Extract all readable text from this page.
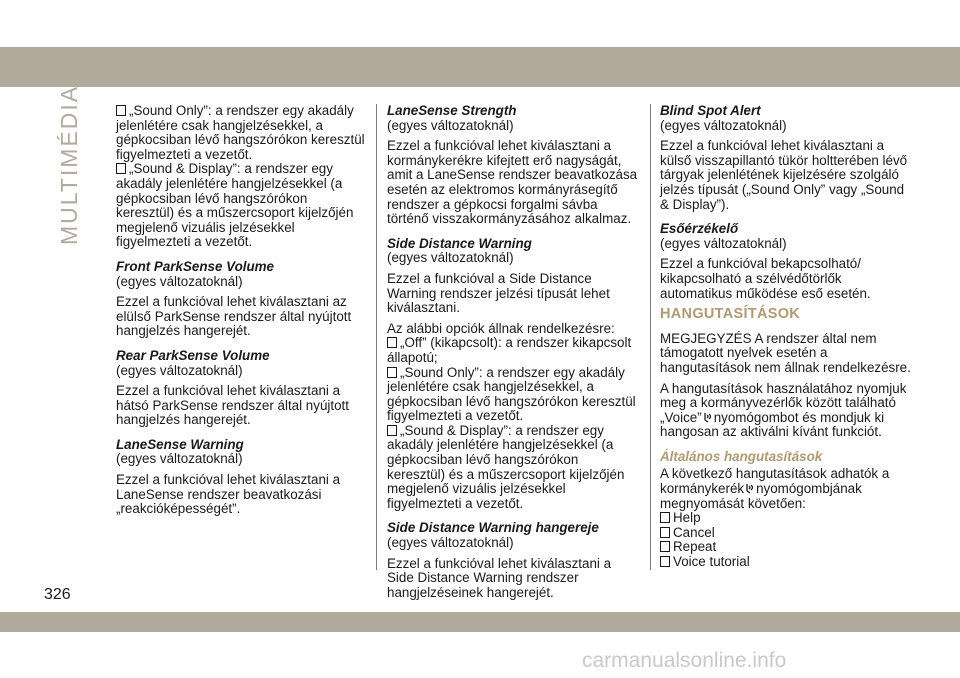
MULTIMÉDIA
326

„Sound Only”: a rendszer egy akadály jelenlétére csak hangjelzésekkel, a gépkocsiban lévő hangszórókon keresztül figyelmezteti a vezetőt.

„Sound & Display”: a rendszer egy akadály jelenlétére hangjelzésekkel (a gépkocsiban lévő hangszórókon keresztül) és a műszercsoport kijelzőjén megjelenő vizuális jelzésekkel figyelmezteti a vezetőt.

Front ParkSense Volume

(egyes változatoknál)

Ezzel a funkcióval lehet kiválasztani az elülső ParkSense rendszer által nyújtott hangjelzés hangerejét.

Rear ParkSense Volume

(egyes változatoknál)

Ezzel a funkcióval lehet kiválasztani a hátsó ParkSense rendszer által nyújtott hangjelzés hangerejét.

LaneSense Warning

(egyes változatoknál)

Ezzel a funkcióval lehet kiválasztani a LaneSense rendszer beavatkozási „reakcióképességét”.

LaneSense Strength

(egyes változatoknál)

Ezzel a funkcióval lehet kiválasztani a kormánykerékre kifejtett erő nagyságát, amit a LaneSense rendszer beavatkozása esetén az elektromos kormányrásegítő rendszer a gépkocsi forgalmi sávba történő visszakormányzásához alkalmaz.

Side Distance Warning

(egyes változatoknál)

Ezzel a funkcióval a Side Distance Warning rendszer jelzési típusát lehet kiválasztani.

Az alábbi opciók állnak rendelkezésre:

„Off” (kikapcsolt): a rendszer kikapcsolt állapotú;

„Sound Only”: a rendszer egy akadály jelenlétére csak hangjelzésekkel, a gépkocsiban lévő hangszórókon keresztül figyelmezteti a vezetőt.

„Sound & Display”: a rendszer egy akadály jelenlétére hangjelzésekkel (a gépkocsiban lévő hangszórókon keresztül) és a műszercsoport kijelzőjén megjelenő vizuális jelzésekkel figyelmezteti a vezetőt.

Side Distance Warning hangereje

(egyes változatoknál)

Ezzel a funkcióval lehet kiválasztani a Side Distance Warning rendszer hangjelzéseinek hangerejét.

Blind Spot Alert

(egyes változatoknál)

Ezzel a funkcióval lehet kiválasztani a külső visszapillantó tükör holtterében lévő tárgyak jelenlétének kijelzésére szolgáló jelzés típusát („Sound Only” vagy „Sound & Display”).

Esőérzékelő

(egyes változatoknál)

Ezzel a funkcióval bekapcsolható/ kikapcsolható a szélvédőtörlők automatikus működése eső esetén.

HANGUTASÍTÁSOK

MEGJEGYZÉS A rendszer által nem támogatott nyelvek esetén a hangutasítások nem állnak rendelkezésre.

A hangutasítások használatához nyomjuk meg a kormányvezérlők között található „Voice” nyomógombot és mondjuk ki hangosan az aktiválni kívánt funkciót.

Általános hangutasítások

A következő hangutasítások adhatók a kormánykerék nyomógombjának megnyomását követően:

Help

Cancel

Repeat

Voice tutorial

carmanualsonline.info
